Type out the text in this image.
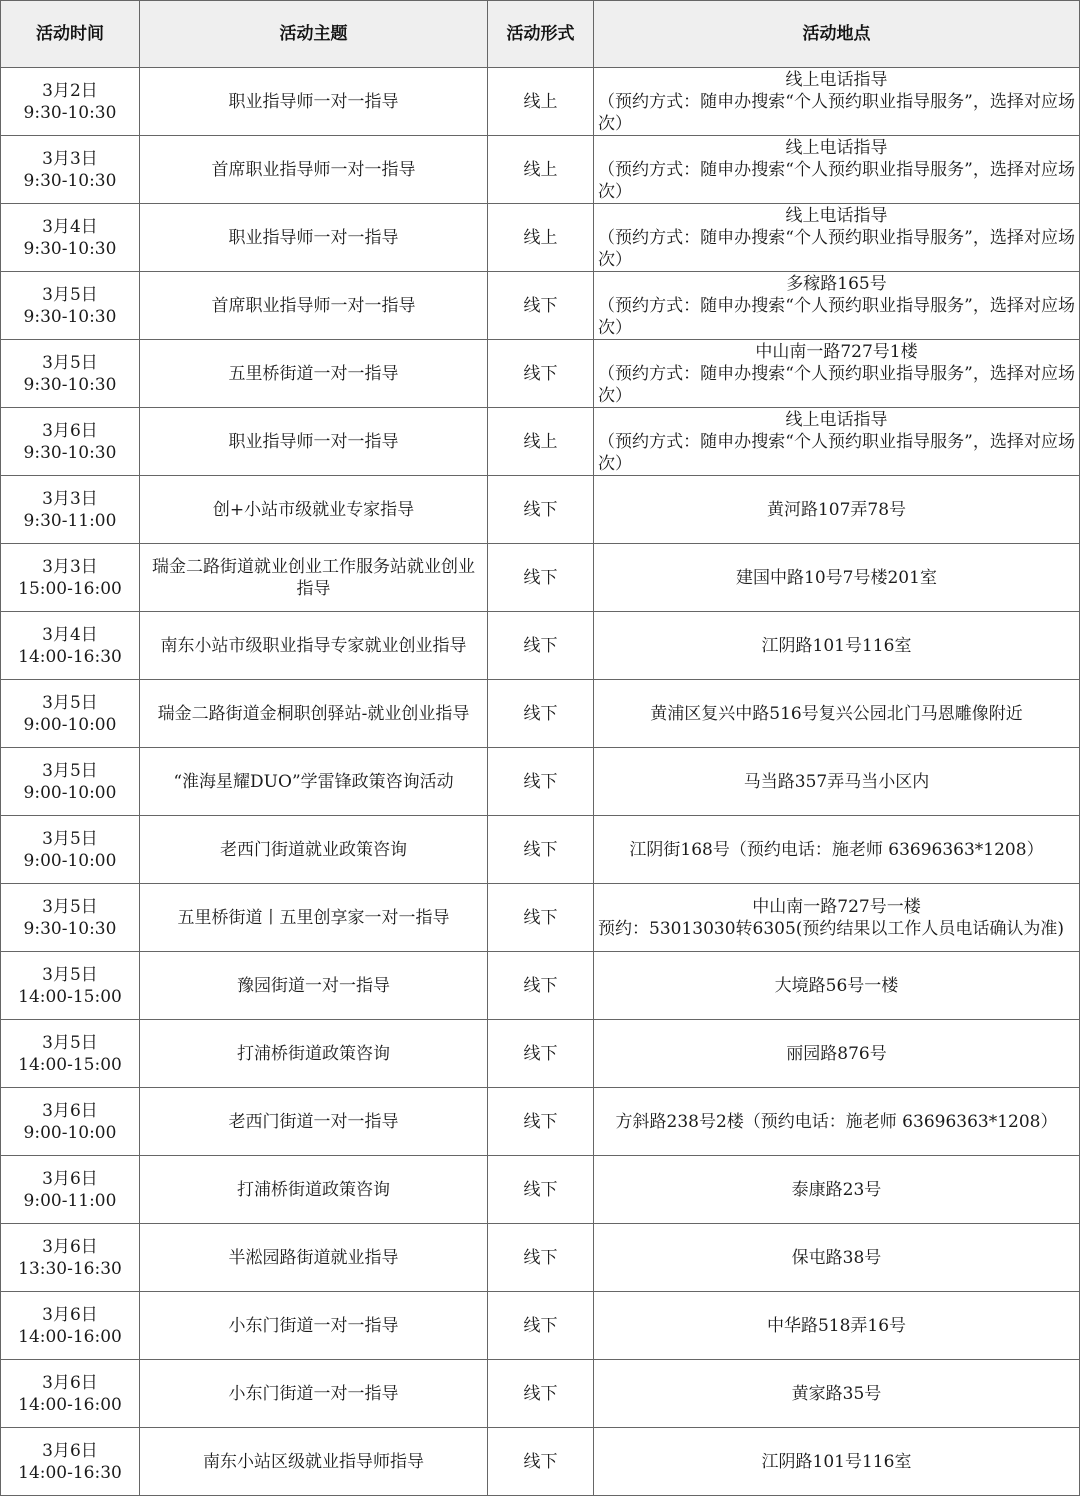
活动时间	活动主题	活动形式	活动地点

3月2日
9:30-10:30	职业指导师一对一指导	线上	线上电话指导
（预约方式：随申办搜索“个人预约职业指导服务”，选择对应场次）

3月3日
9:30-10:30	首席职业指导师一对一指导	线上	线上电话指导
（预约方式：随申办搜索“个人预约职业指导服务”，选择对应场次）

3月4日
9:30-10:30	职业指导师一对一指导	线上	线上电话指导
（预约方式：随申办搜索“个人预约职业指导服务”，选择对应场次）

3月5日
9:30-10:30	首席职业指导师一对一指导	线下	多稼路165号
（预约方式：随申办搜索“个人预约职业指导服务”，选择对应场次）

3月5日
9:30-10:30	五里桥街道一对一指导	线下	中山南一路727号1楼
（预约方式：随申办搜索“个人预约职业指导服务”，选择对应场次）

3月6日
9:30-10:30	职业指导师一对一指导	线上	线上电话指导
（预约方式：随申办搜索“个人预约职业指导服务”，选择对应场次）

3月3日
9:30-11:00	创+小站市级就业专家指导	线下	黄河路107弄78号

3月3日
15:00-16:00	瑞金二路街道就业创业工作服务站就业创业指导	线下	建国中路10号7号楼201室

3月4日
14:00-16:30	南东小站市级职业指导专家就业创业指导	线下	江阴路101号116室

3月5日
9:00-10:00	瑞金二路街道金桐职创驿站-就业创业指导	线下	黄浦区复兴中路516号复兴公园北门马恩雕像附近

3月5日
9:00-10:00	“淮海星耀DUO”学雷锋政策咨询活动	线下	马当路357弄马当小区内

3月5日
9:00-10:00	老西门街道就业政策咨询	线下	江阴街168号（预约电话：施老师 63696363*1208）

3月5日
9:30-10:30	五里桥街道丨五里创享家一对一指导	线下	中山南一路727号一楼
预约：53013030转6305(预约结果以工作人员电话确认为准)

3月5日
14:00-15:00	豫园街道一对一指导	线下	大境路56号一楼

3月5日
14:00-15:00	打浦桥街道政策咨询	线下	丽园路876号

3月6日
9:00-10:00	老西门街道一对一指导	线下	方斜路238号2楼（预约电话：施老师 63696363*1208）

3月6日
9:00-11:00	打浦桥街道政策咨询	线下	泰康路23号

3月6日
13:30-16:30	半淞园路街道就业指导	线下	保屯路38号

3月6日
14:00-16:00	小东门街道一对一指导	线下	中华路518弄16号

3月6日
14:00-16:00	小东门街道一对一指导	线下	黄家路35号

3月6日
14:00-16:30	南东小站区级就业指导师指导	线下	江阴路101号116室
